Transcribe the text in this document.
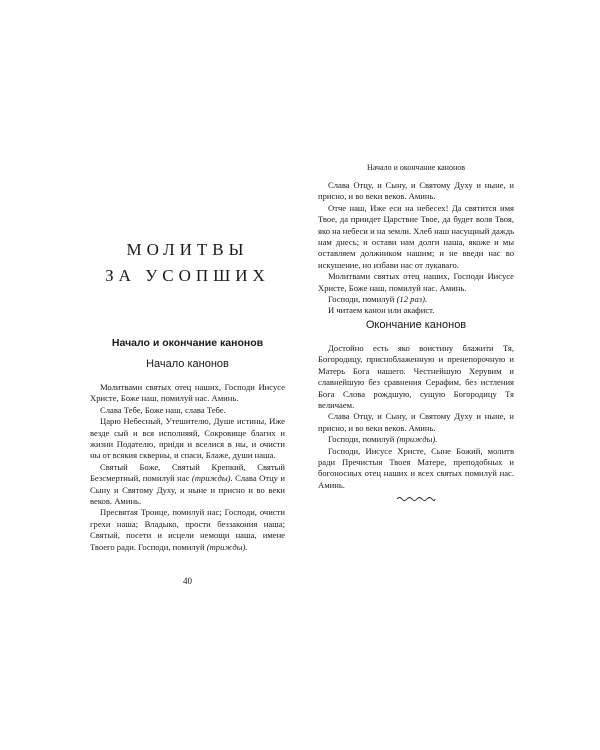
МОЛИТВЫ
ЗА УСОПШИХ
Начало и окончание канонов
Начало канонов

Молитвами святых отец наших, Господи Иисусе Христе, Боже наш, помилуй нас. Аминь.

Слава Тебе, Боже наш, слава Тебе.

Царю Небесный, Утешителю, Душе истины, Иже везде сый и вся исполняяй, Сокровище благих и жизни Подателю, приіди и вселися в ны, и очисти ны от всякия скверны, и спаси, Блаже, души наша.

Святый Боже, Святый Крепкий, Святый Безсмертный, помилуй нас (трижды). Слава Отцу и Сыну и Святому Духу, и ныне и присно и во веки веков. Аминь.

Пресвятая Троице, помилуй нас; Господи, очисти грехи наша; Владыко, прости беззакония наша; Святый, посети и исцели немощи наша, имене Твоего ради. Господи, помилуй (трижды).

40
Начало и окончание канонов

Слава Отцу, и Сыну, и Святому Духу и ныне, и присно, и во веки веков. Аминь.

Отче наш, Иже еси на небесех! Да святится имя Твое, да приидет Царствие Твое, да будет воля Твоя, яко на небеси и на земли. Хлеб наш насущный даждь нам днесь; и остави нам долги наша, якоже и мы оставляем должником нашим; и не введи нас во искушение, но избави нас от лукаваго.

Молитвами святых отец наших, Господи Иисусе Христе, Боже наш, помилуй нас. Аминь.

Господи, помилуй (12 раз).

И читаем канон или акафист.

Окончание канонов

Достойно есть яко воистину блажити Тя, Богородицу, присноблаженную и пренепорочную и Матерь Бога нашего. Честнейшую Херувим и славнейшую без сравнения Серафим, без истления Бога Слова рождшую, сущую Богородицу Тя величаем.

Слава Отцу, и Сыну, и Святому Духу и ныне, и присно, и во веки веков. Аминь.

Господи, помилуй (трижды).

Господи, Иисусе Христе, Сыне Божий, молитв ради Пречистыя Твоея Матере, преподобных и богоносных отец наших и всех святых помилуй нас. Аминь.
